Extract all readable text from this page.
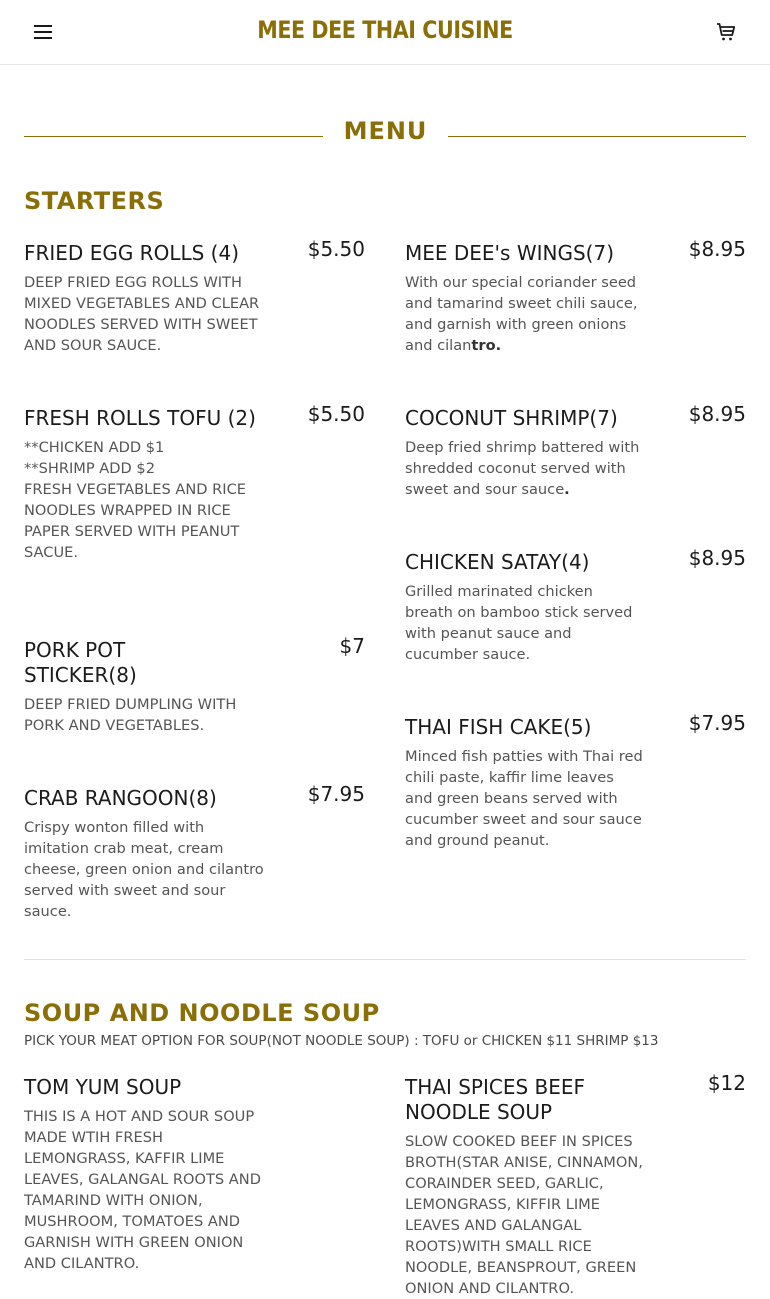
MEE DEE THAI CUISINE
MENU
STARTERS
FRIED EGG ROLLS (4)	$5.50
DEEP FRIED EGG ROLLS WITH MIXED VEGETABLES AND CLEAR NOODLES SERVED WITH SWEET AND SOUR SAUCE.
FRESH ROLLS TOFU (2)	$5.50
**CHICKEN ADD $1
**SHRIMP ADD $2
FRESH VEGETABLES AND RICE NOODLES WRAPPED IN RICE PAPER SERVED WITH PEANUT SACUE.
PORK POT STICKER(8)
$7
DEEP FRIED DUMPLING WITH PORK AND VEGETABLES.
CRAB RANGOON(8)	$7.95
Crispy wonton filled with imitation crab meat, cream cheese, green onion and cilantro served with sweet and sour sauce.
MEE DEE's WINGS(7)	$8.95
With our special coriander seed and tamarind sweet chili sauce, and garnish with green onions and cilantro.
COCONUT SHRIMP(7)	$8.95
Deep fried shrimp battered with shredded coconut served with sweet and sour sauce.
CHICKEN SATAY(4)	$8.95
Grilled marinated chicken breath on bamboo stick served with peanut sauce and cucumber sauce.
THAI FISH CAKE(5)	$7.95
Minced fish patties with Thai red chili paste, kaffir lime leaves and green beans served with cucumber sweet and sour sauce and ground peanut.
SOUP AND NOODLE SOUP
PICK YOUR MEAT OPTION FOR SOUP(NOT NOODLE SOUP) : TOFU or CHICKEN $11 SHRIMP $13
TOM YUM SOUP
THIS IS A HOT AND SOUR SOUP MADE WTIH FRESH LEMONGRASS, KAFFIR LIME LEAVES, GALANGAL ROOTS AND TAMARIND WITH ONION, MUSHROOM, TOMATOES AND GARNISH WITH GREEN ONION AND CILANTRO.
THAI SPICES BEEF NOODLE SOUP
$12
SLOW COOKED BEEF IN SPICES BROTH(STAR ANISE, CINNAMON, CORAINDER SEED, GARLIC, LEMONGRASS, KIFFIR LIME LEAVES AND GALANGAL ROOTS)WITH SMALL RICE NOODLE, BEANSPROUT, GREEN ONION AND CILANTRO.
